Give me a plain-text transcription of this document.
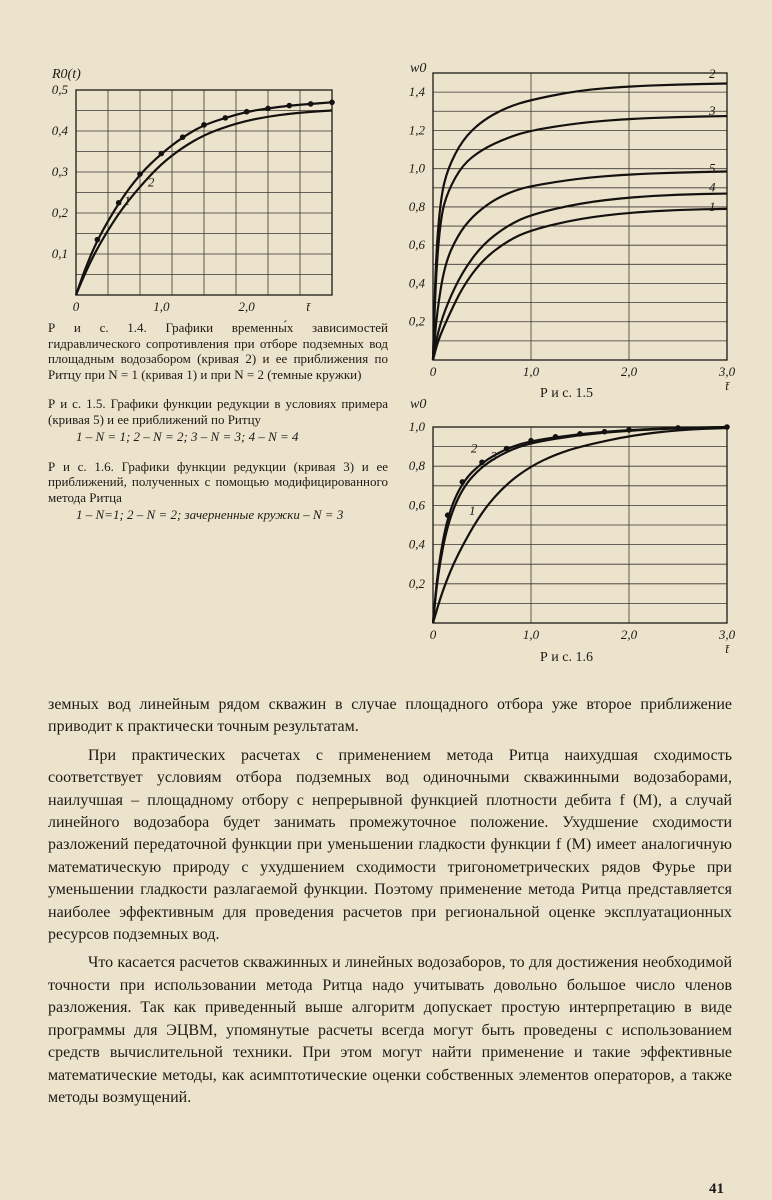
R0(t)
0	1,0	2,0	t̄
0,1
0,2
0,3
0,4
0,5
1
2
w0
0	1,0	2,0	3,0
0,2
0,4
0,6
0,8
1,0
1,2
1,4
t̄
1
2
3
4
5
Р и с. 1.5
w0
0	1,0	2,0	3,0
0,2
0,4
0,6
0,8
1,0
t̄
1
2
3
Р и с. 1.6

Р и с. 1.4. Графики временны́х зависимостей гидравлического сопротивления при отборе подземных вод площадным водозабором (кривая 2) и ее приближения по Ритцу при N = 1 (кривая 1) и при N = 2 (темные кружки)

Р и с. 1.5. Графики функции редукции в условиях примера (кривая 5) и ее приближений по Ритцу

1 – N = 1; 2 – N = 2; 3 – N = 3; 4 – N = 4

Р и с. 1.6. Графики функции редукции (кривая 3) и ее приближений, полученных с помощью модифицированного метода Ритца

1 – N=1; 2 – N = 2; зачерненные кружки – N = 3

земных вод линейным рядом скважин в случае площадного отбора уже второе приближение приводит к практически точным результатам.

При практических расчетах с применением метода Ритца наихудшая сходимость соответствует условиям отбора подземных вод одиночными скважинными водозаборами, наилучшая – площадному отбору с непрерывной функцией плотности дебита f (M), а случай линейного водозабора будет занимать промежуточное положение. Ухудшение сходимости разложений передаточной функции при уменьшении гладкости функции f (M) имеет аналогичную математическую природу с ухудшением сходимости тригонометрических рядов Фурье при уменьшении гладкости разлагаемой функции. Поэтому применение метода Ритца представляется наиболее эффективным для проведения расчетов при региональной оценке эксплуатационных ресурсов подземных вод.

Что касается расчетов скважинных и линейных водозаборов, то для достижения необходимой точности при использовании метода Ритца надо учитывать довольно большое число членов разложения. Так как приведенный выше алгоритм допускает простую интерпретацию в виде программы для ЭЦВМ, упомянутые расчеты всегда могут быть проведены с использованием средств вычислительной техники. При этом могут найти применение и такие эффективные математические методы, как асимптотические оценки собственных элементов операторов, а также методы возмущений.

41
